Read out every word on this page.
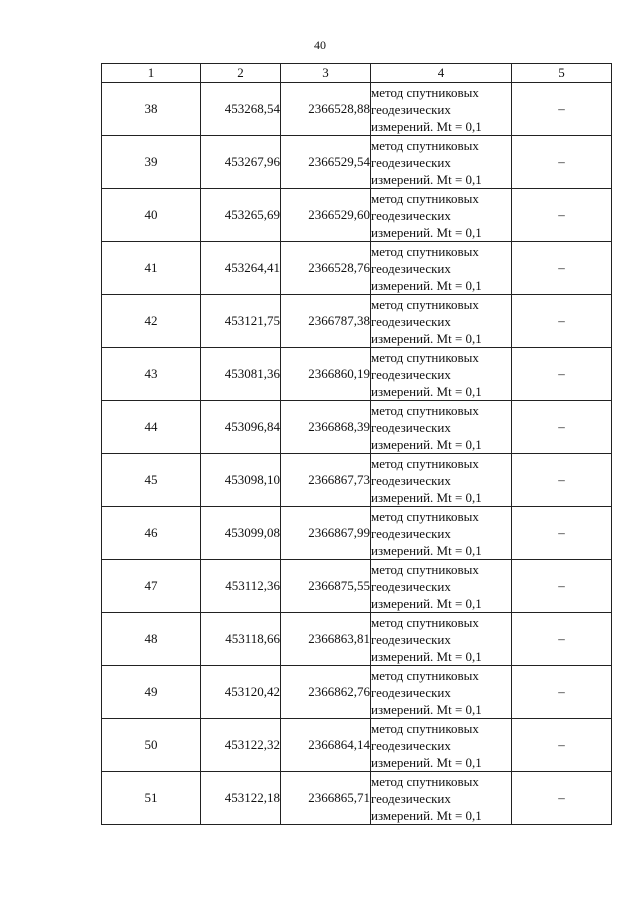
40
1	2	3	4	5
38	453268,54	2366528,88	метод спутниковых
геодезических
измерений. Mt = 0,1	–
39	453267,96	2366529,54	метод спутниковых
геодезических
измерений. Mt = 0,1	–
40	453265,69	2366529,60	метод спутниковых
геодезических
измерений. Mt = 0,1	–
41	453264,41	2366528,76	метод спутниковых
геодезических
измерений. Mt = 0,1	–
42	453121,75	2366787,38	метод спутниковых
геодезических
измерений. Mt = 0,1	–
43	453081,36	2366860,19	метод спутниковых
геодезических
измерений. Mt = 0,1	–
44	453096,84	2366868,39	метод спутниковых
геодезических
измерений. Mt = 0,1	–
45	453098,10	2366867,73	метод спутниковых
геодезических
измерений. Mt = 0,1	–
46	453099,08	2366867,99	метод спутниковых
геодезических
измерений. Mt = 0,1	–
47	453112,36	2366875,55	метод спутниковых
геодезических
измерений. Mt = 0,1	–
48	453118,66	2366863,81	метод спутниковых
геодезических
измерений. Mt = 0,1	–
49	453120,42	2366862,76	метод спутниковых
геодезических
измерений. Mt = 0,1	–
50	453122,32	2366864,14	метод спутниковых
геодезических
измерений. Mt = 0,1	–
51	453122,18	2366865,71	метод спутниковых
геодезических
измерений. Mt = 0,1	–
